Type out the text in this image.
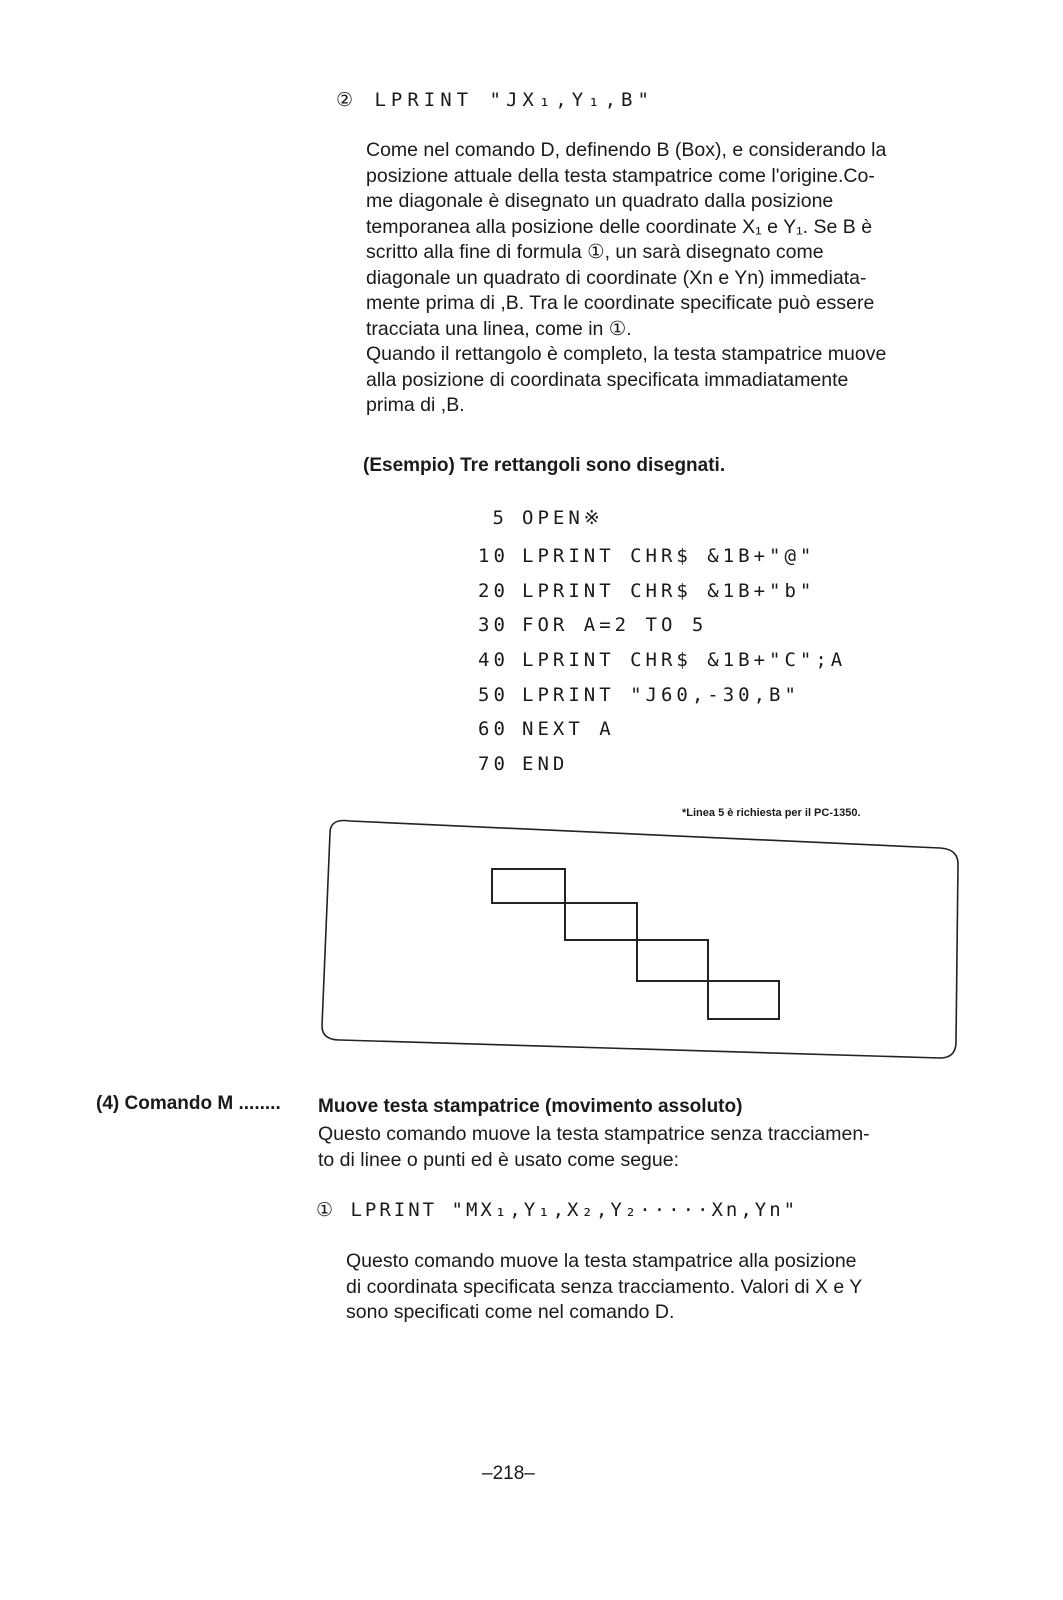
② LPRINT "JX₁,Y₁,B"
Come nel comando D, definendo B (Box), e considerando la
posizione attuale della testa stampatrice come l'origine.Co-
me diagonale è disegnato un quadrato dalla posizione
temporanea alla posizione delle coordinate X₁ e Y₁. Se B è
scritto alla fine di formula ①, un sarà disegnato come
diagonale un quadrato di coordinate (Xn e Yn) immediata-
mente prima di ,B. Tra le coordinate specificate può essere
tracciata una linea, come in ①.
Quando il rettangolo è completo, la testa stampatrice muove
alla posizione di coordinata specificata immadiatamente
prima di ,B.
(Esempio) Tre rettangoli sono disegnati.
5 OPEN※
10 LPRINT CHR$ &1B+"@"
20 LPRINT CHR$ &1B+"b"
30 FOR A=2 TO 5
40 LPRINT CHR$ &1B+"C";A
50 LPRINT "J60,-30,B"
60 NEXT A
70 END
*Linea 5 è richiesta per il PC-1350.
(4) Comando M ........ Muove testa stampatrice (movimento assoluto)
Questo comando muove la testa stampatrice senza tracciamen-
to di linee o punti ed è usato come segue:
① LPRINT "MX₁,Y₁,X₂,Y₂·····Xn,Yn"
Questo comando muove la testa stampatrice alla posizione
di coordinata specificata senza tracciamento. Valori di X e Y
sono specificati come nel comando D.
–218–
